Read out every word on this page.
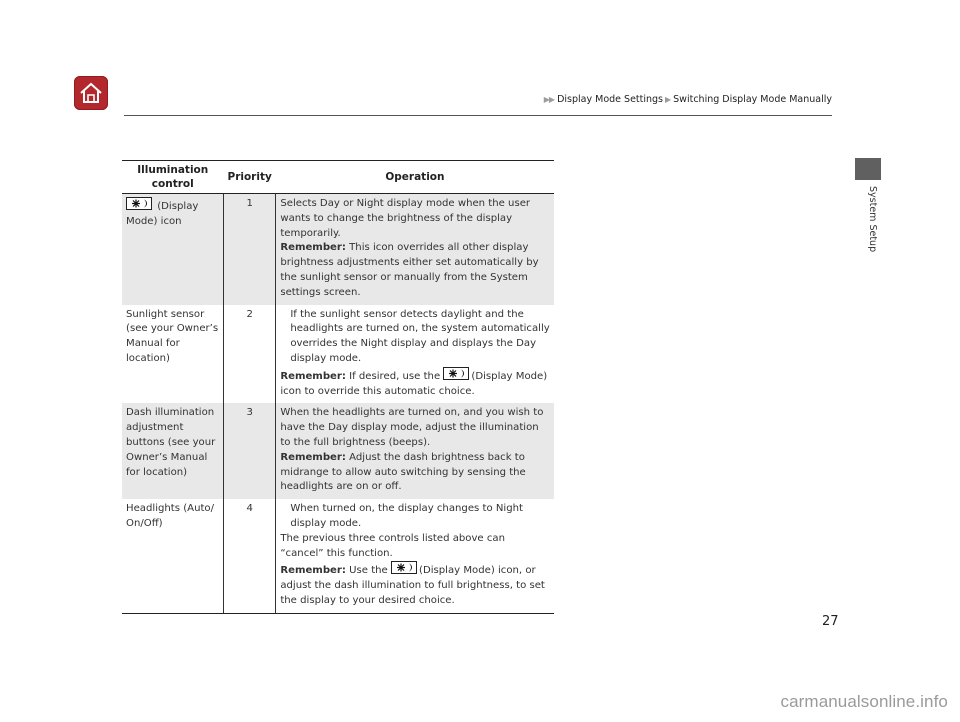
▶▶ Display Mode Settings ▶ Switching Display Mode Manually
System Setup
Illumination control	Priority	Operation

(Display Mode) icon	1	Selects Day or Night display mode when the user wants to change the brightness of the display temporarily.
Remember: This icon overrides all other display brightness adjustments either set automatically by the sunlight sensor or manually from the System settings screen.

Sunlight sensor (see your Owner’s Manual for location)	2	If the sunlight sensor detects daylight and the headlights are turned on, the system automatically overrides the Night display and displays the Day display mode.
Remember: If desired, use the (Display Mode) icon to override this automatic choice.

Dash illumination adjustment buttons (see your Owner’s Manual for location)	3	When the headlights are turned on, and you wish to have the Day display mode, adjust the illumination to the full brightness (beeps).
Remember: Adjust the dash brightness back to midrange to allow auto switching by sensing the headlights are on or off.

Headlights (Auto/ On/Off)	4	When turned on, the display changes to Night display mode.
The previous three controls listed above can “cancel” this function.
Remember: Use the (Display Mode) icon, or adjust the dash illumination to full brightness, to set the display to your desired choice.
27
carmanualsonline.info
